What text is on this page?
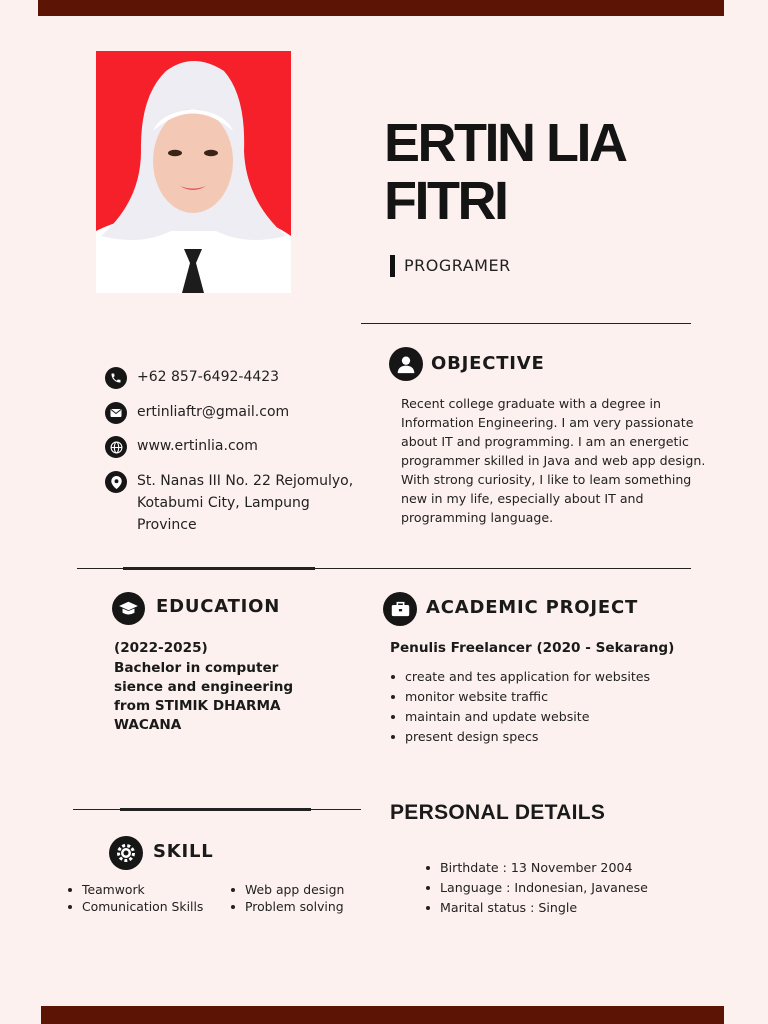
ERTIN LIA FITRI
PROGRAMER
+62 857-6492-4423
ertinliaftr@gmail.com
www.ertinlia.com
St. Nanas III No. 22 Rejomulyo, Kotabumi City, Lampung Province
OBJECTIVE
Recent college graduate with a degree in Information Engineering. I am very passionate about IT and programming. I am an energetic programmer skilled in Java and web app design. With strong curiosity, I like to leam something new in my life, especially about IT and programming language.
EDUCATION
(2022-2025)
Bachelor in computer sience and engineering from STIMIK DHARMA WACANA
ACADEMIC PROJECT
Penulis Freelancer (2020 - Sekarang)
create and tes application for websites
monitor website traffic
maintain and update website
present design specs
SKILL
Teamwork
Comunication Skills
Web app design
Problem solving
PERSONAL DETAILS
Birthdate : 13 November 2004
Language : Indonesian, Javanese
Marital status : Single
